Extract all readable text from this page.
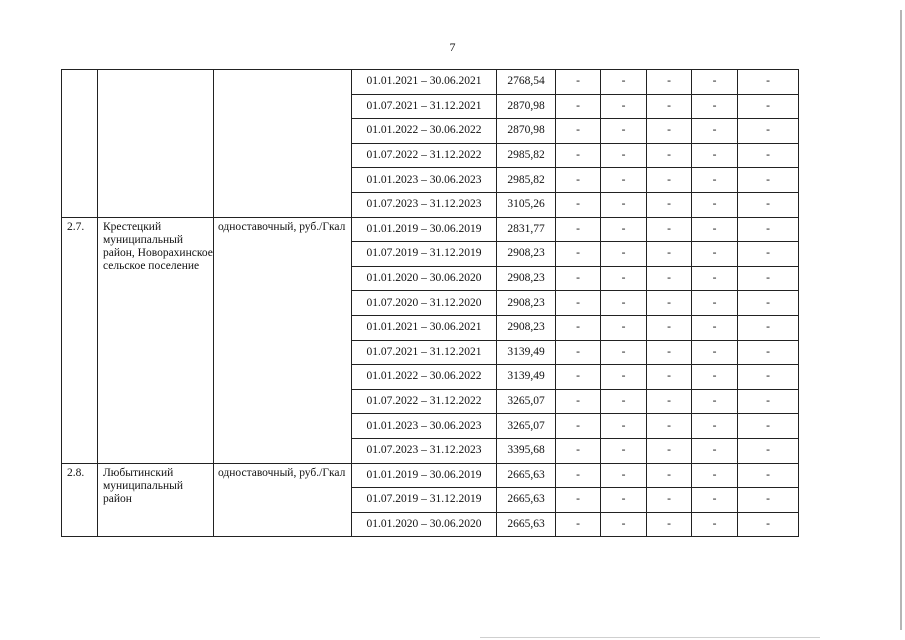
7
			01.01.2021 – 30.06.2021	2768,54	-	-	-	-	-
			01.07.2021 – 31.12.2021	2870,98	-	-	-	-	-
			01.01.2022 – 30.06.2022	2870,98	-	-	-	-	-
			01.07.2022 – 31.12.2022	2985,82	-	-	-	-	-
			01.01.2023 – 30.06.2023	2985,82	-	-	-	-	-
			01.07.2023 – 31.12.2023	3105,26	-	-	-	-	-
2.7.	Крестецкий муниципальный район, Новорахинское сельское поселение	одноставочный, руб./Гкал	01.01.2019 – 30.06.2019	2831,77	-	-	-	-	-
			01.07.2019 – 31.12.2019	2908,23	-	-	-	-	-
			01.01.2020 – 30.06.2020	2908,23	-	-	-	-	-
			01.07.2020 – 31.12.2020	2908,23	-	-	-	-	-
			01.01.2021 – 30.06.2021	2908,23	-	-	-	-	-
			01.07.2021 – 31.12.2021	3139,49	-	-	-	-	-
			01.01.2022 – 30.06.2022	3139,49	-	-	-	-	-
			01.07.2022 – 31.12.2022	3265,07	-	-	-	-	-
			01.01.2023 – 30.06.2023	3265,07	-	-	-	-	-
			01.07.2023 – 31.12.2023	3395,68	-	-	-	-	-
2.8.	Любытинский муниципальный район	одноставочный, руб./Гкал	01.01.2019 – 30.06.2019	2665,63	-	-	-	-	-
			01.07.2019 – 31.12.2019	2665,63	-	-	-	-	-
			01.01.2020 – 30.06.2020	2665,63	-	-	-	-	-
